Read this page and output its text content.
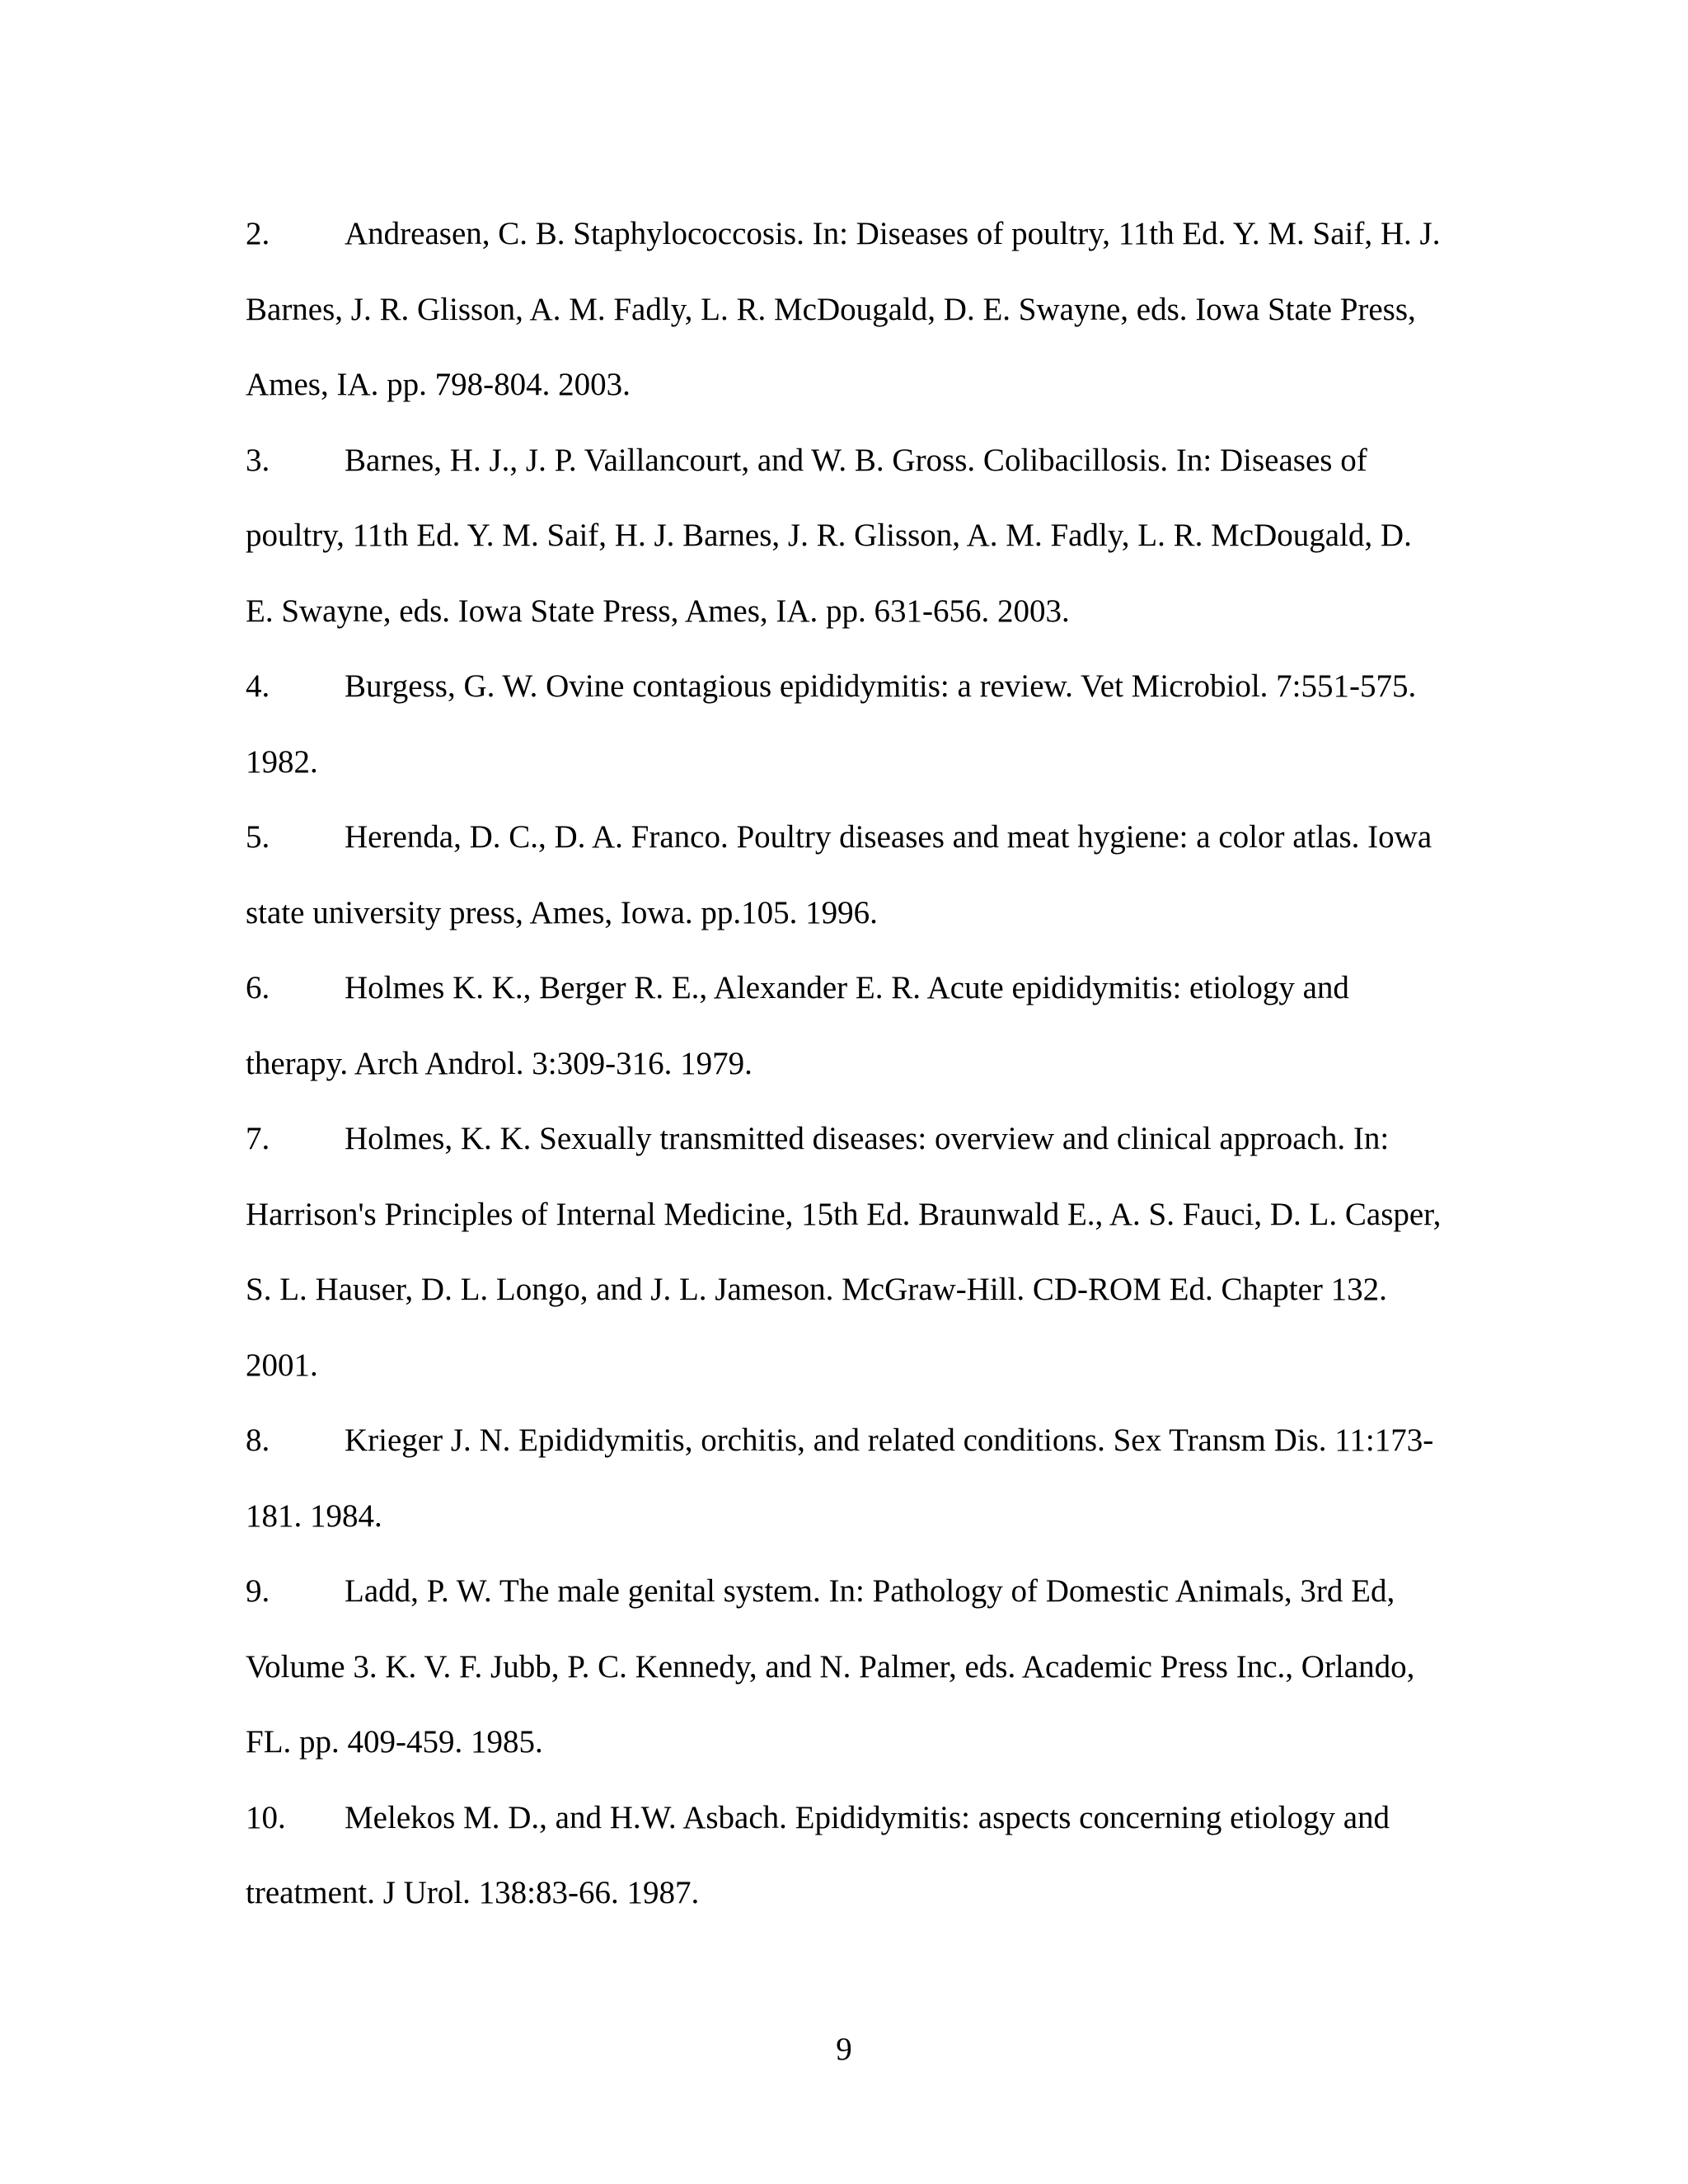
2. Andreasen, C. B. Staphylococcosis. In: Diseases of poultry, 11th Ed. Y. M. Saif, H. J. Barnes, J. R. Glisson, A. M. Fadly, L. R. McDougald, D. E. Swayne, eds. Iowa State Press, Ames, IA. pp. 798-804. 2003.

3. Barnes, H. J., J. P. Vaillancourt, and W. B. Gross. Colibacillosis. In: Diseases of poultry, 11th Ed. Y. M. Saif, H. J. Barnes, J. R. Glisson, A. M. Fadly, L. R. McDougald, D. E. Swayne, eds. Iowa State Press, Ames, IA. pp. 631-656. 2003.

4. Burgess, G. W. Ovine contagious epididymitis: a review. Vet Microbiol. 7:551-575. 1982.

5. Herenda, D. C., D. A. Franco. Poultry diseases and meat hygiene: a color atlas. Iowa state university press, Ames, Iowa. pp.105. 1996.

6. Holmes K. K., Berger R. E., Alexander E. R. Acute epididymitis: etiology and therapy. Arch Androl. 3:309-316. 1979.

7. Holmes, K. K. Sexually transmitted diseases: overview and clinical approach. In: Harrison's Principles of Internal Medicine, 15th Ed. Braunwald E., A. S. Fauci, D. L. Casper, S. L. Hauser, D. L. Longo, and J. L. Jameson. McGraw-Hill. CD-ROM Ed. Chapter 132. 2001.

8. Krieger J. N. Epididymitis, orchitis, and related conditions. Sex Transm Dis. 11:173-181. 1984.

9. Ladd, P. W. The male genital system. In: Pathology of Domestic Animals, 3rd Ed, Volume 3. K. V. F. Jubb, P. C. Kennedy, and N. Palmer, eds. Academic Press Inc., Orlando, FL. pp. 409-459. 1985.

10. Melekos M. D., and H.W. Asbach. Epididymitis: aspects concerning etiology and treatment. J Urol. 138:83-66. 1987.

9
